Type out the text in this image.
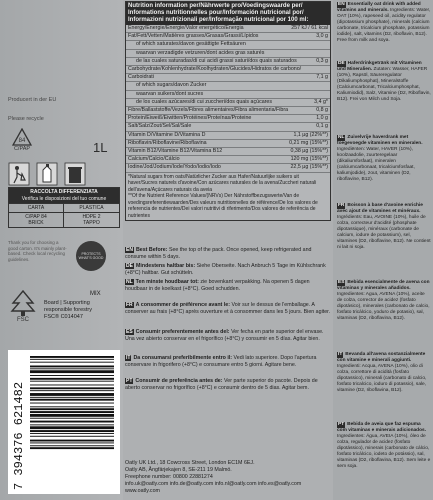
Producert in der EU
Please recycle
84
C/PAP	1L
RACCOLTA DIFFERENZIATA
Verifica le disposizioni del tuo comune
CARTA	PLASTICA
C/PAP 84
BRICK
HDPE 2
TAPPO
Thank you for choosing a good carton. It's mainly plant-based. Check local recycling guidelines.
PROTECTS WHAT'S GOOD
FSC
MIX
Board | Supporting
responsible forestry
FSC® C014047
7 394376 621482
Nutrition information per/Nährwerte pro/Voedingswaarde per/
Informations nutritionnelles pour/Información nutricional por/
Informazioni nutrizionali per/Informação nutricional por 100 ml:
Energy/Energie/Energie/Valor energético/Energia	257 kJ / 61 kcal
Fat/Fett/Vetten/Matières grasses/Grasas/Grassi/Lípidos	3,0 g
of which saturates/davon gesättigte Fettsäuren
waarvan verzadigde vetzuren/dont acides gras saturés
de las cuales saturadas/di cui acidi grassi saturi/dos quais saturados	0,3 g
Carbohydrate/Kohlenhydrate/Koolhydraten/Glucides/Hidratos de carbono/
Carboidrati	7,1 g
of which sugars/davon Zucker
waarvan suikers/dont sucres
de los cuales azúcares/di cui zuccheri/dos quais açúcares	3,4 g*
Fibre/Ballaststoffe/Vezels/Fibres alimentaires/Fibra alimentaria/Fibra	0,8 g
Protein/Eiweiß/Eiwitten/Protéines/Proteínas/Proteine	1,0 g
Salt/Salz/Zout/Sel/Sal/Sale	0,1 g
Vitamin D/Vitamine D/Vitamina D	1,1 µg (22%**)
Riboflavin/Riboflavine/Riboflavina	0,21 mg (15%**)
Vitamin B12/Vitamine B12/Vitamina B12	0,38 µg (15%**)
Calcium/Calcio/Cálcio	120 mg (15%**)
Iodine/Jod/Jodium/Iode/Yodo/Iodio/Iodo	22,5 µg (15%**)
*Natural sugars from oats/Natürlicher Zucker aus Hafer/Natuurlijke suikers uit haver/Sucres naturels d'avoine/Con azúcares naturales de la avena/Zuccheri naturali dell'avena/Açúcares naturais da aveia
**Of the Nutrient Reference Values/(NRVs) Der Nährstoffbezugswerte/Van de voedingsreferentiewaarden/Des valeurs nutritionnelles de référence/De los valores de referencia de nutrientes/Dei valori nutritivi di riferimento/Dos valores de referência de nutrientes
EN Best Before: See the top of the pack. Once opened, keep refrigerated and consume within 5 days.
DE Mindestens haltbar bis: Siehe Oberseite. Nach Anbruch 5 Tage im Kühlschrank (+8°C) haltbar. Gut schütteln.
NL Ten minste houdbaar tot: zie bovenkant verpakking. Na openen 5 dagen houdbaar in de koelkast (+8°C). Goed schudden.
FR A consommer de préférence avant le: Voir sur le dessus de l'emballage. A conserver au frais (+8°C) après ouverture et à consommer dans les 5 jours. Bien agiter.
ES Consumir preferentemente antes del: Ver fecha en parte superior del envase. Una vez abierto conservar en el frigorífico (+8°C) y consumir en 5 días. Agitar bien.
IT Da consumarsi preferibilmente entro il: Vedi lato superiore. Dopo l'apertura conservare in frigorifero (+8°C) e consumare entro 5 giorni. Agitare bene.
PT Consumir de preferência antes de: Ver parte superior do pacote. Depois de aberto conservar no frigorífico (+8°C) e consumir dentro de 5 dias. Agitar bem.
Oatly UK Ltd., 18 Cowcross Street, London EC1M 6EJ.
Oatly AB, Ångfärjekajen 8, SE-211 19 Malmö.
Freephone number: 00800 22881274
info.uk@oatly.com info.de@oatly.com info.nl@oatly.com info.es@oatly.com
www.oatly.com
EN Essentially oat drink with added vitamins and minerals. Ingredients: Water, OAT (10%), rapeseed oil, acidity regulator (dipotassium phosphate), minerals (calcium carbonate, tricalcium phosphate, potassium iodide), salt, vitamins (D2, riboflavin, B12). Free from milk and soya.
DE Haferdrinkgetränk mit Vitaminen und Mineralien. Zutaten: Wasser, HAFER (10%), Rapsöl, Säureregulator (Dikaliumphosphat), Mineralstoffe (Calciumcarbonat, Tricalciumphosphat, Kaliumiodid), Salz, Vitamine (D2, Riboflavin, B12). Frei von Milch und Soja.
NL Zuivelvrije haverdrank met toegevoegde vitaminen en mineralen. Ingrediënten: Water, HAVER (10%), koolzaadolie, zuurteregelaar (dikaliumfosfaat), mineralen (calciumcarbonaat, tricalciumfosfaat, kaliumjodide), zout, vitaminen (D2, riboflavine, B12).
FR Boisson à base d'avoine enrichie avec ajout de vitamines et minéraux. Ingrédients: Eau, AVOINE (10%), huile de colza, correcteur d'acidité (phosphate dipotassique), minéraux (carbonate de calcium, iodure de potassium), sel, vitamines (D2, riboflavine, B12). Ne contient ni lait ni soja.
ES Bebida esencialmente de avena con vitaminas y minerales añadidos. Ingredientes: Agua, AVENA (10%), aceite de colza, corrector de acidez (fosfato dipotásico), minerales (carbonato de calcio, fosfato tricálcico, yoduro de potasio), sal, vitaminas (D2, riboflavina, B12).
IT Bevanda all'avena sostanzialmente con vitamine e minerali aggiunti. Ingredienti: Acqua, AVENA (10%), olio di colza, correttore di acidità (fosfato dipotassico), minerali (carbonato di calcio, fosfato tricalcico, ioduro di potassio), sale, vitamine (D2, riboflavina, B12).
PT Bebida de aveia que faz espuma com vitaminas e minerais adicionados. Ingredientes: Água, AVEIA (10%), óleo de colza, regulador de acidez (fosfato dipotássico), minerais (carbonato de cálcio, fosfato tricálcico, iodeto de potássio), sal, vitaminas (D2, riboflavina, B12). Sem leite e sem soja.
